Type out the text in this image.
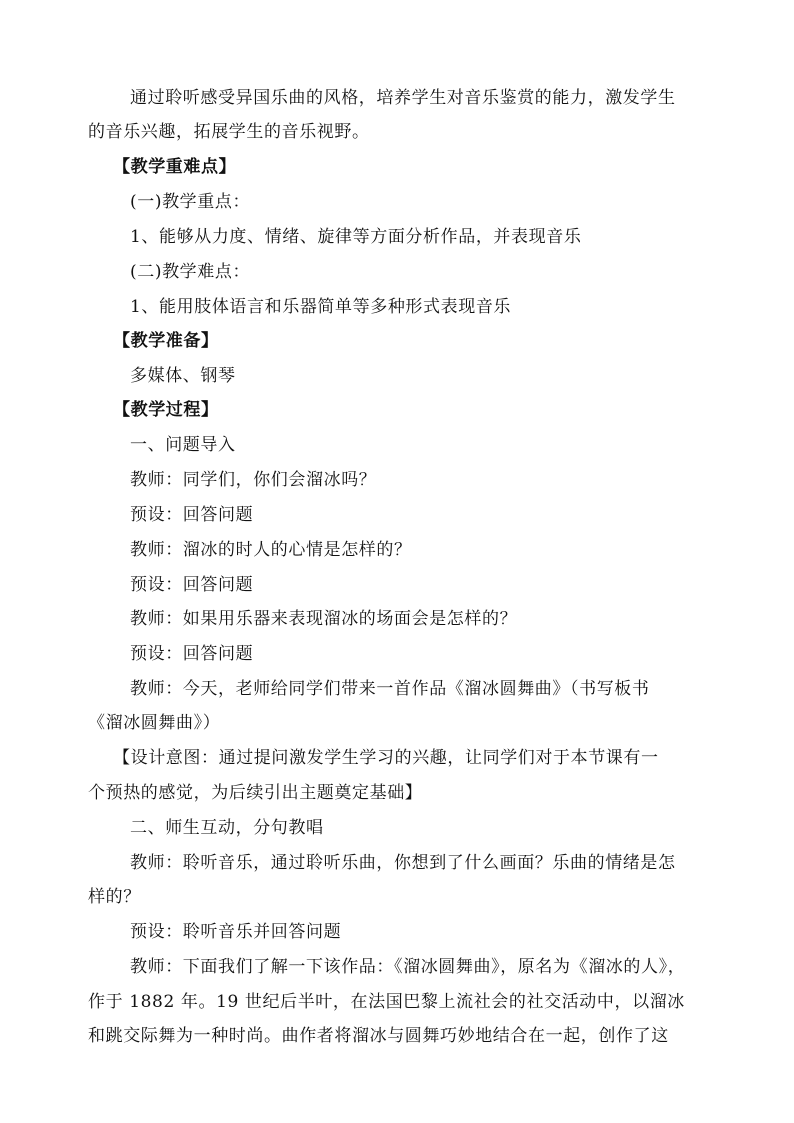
通过聆听感受异国乐曲的风格，培养学生对音乐鉴赏的能力，激发学生
的音乐兴趣，拓展学生的音乐视野。
【教学重难点】
(一)教学重点：
1、能够从力度、情绪、旋律等方面分析作品，并表现音乐
(二)教学难点：
1、能用肢体语言和乐器简单等多种形式表现音乐
【教学准备】
多媒体、钢琴
【教学过程】
一、问题导入
教师：同学们，你们会溜冰吗？
预设：回答问题
教师：溜冰的时人的心情是怎样的？
预设：回答问题
教师：如果用乐器来表现溜冰的场面会是怎样的？
预设：回答问题
教师：今天，老师给同学们带来一首作品《溜冰圆舞曲》（书写板书
《溜冰圆舞曲》）
【设计意图：通过提问激发学生学习的兴趣，让同学们对于本节课有一
个预热的感觉，为后续引出主题奠定基础】
二、师生互动，分句教唱
教师：聆听音乐，通过聆听乐曲，你想到了什么画面？乐曲的情绪是怎
样的？
预设：聆听音乐并回答问题
教师：下面我们了解一下该作品：《溜冰圆舞曲》，原名为《溜冰的人》，
作于 1882 年。19 世纪后半叶，在法国巴黎上流社会的社交活动中，以溜冰
和跳交际舞为一种时尚。曲作者将溜冰与圆舞巧妙地结合在一起，创作了这
